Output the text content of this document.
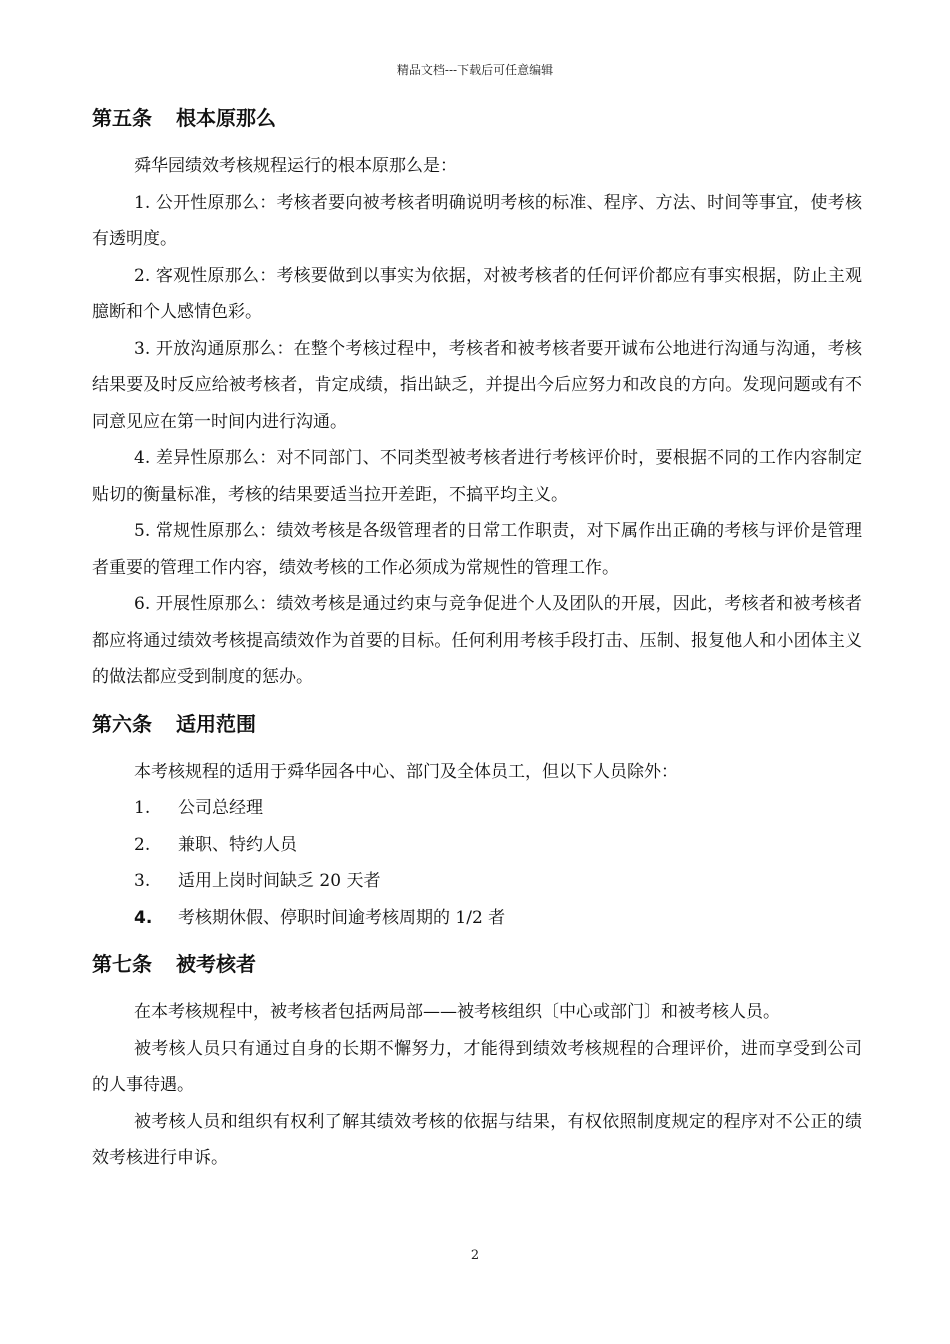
精品文档---下载后可任意编辑
第五条 根本原那么

舜华园绩效考核规程运行的根本原那么是：

1. 公开性原那么：考核者要向被考核者明确说明考核的标准、程序、方法、时间等事宜，使考核有透明度。

2. 客观性原那么：考核要做到以事实为依据，对被考核者的任何评价都应有事实根据，防止主观臆断和个人感情色彩。

3. 开放沟通原那么：在整个考核过程中，考核者和被考核者要开诚布公地进行沟通与沟通，考核结果要及时反应给被考核者，肯定成绩，指出缺乏，并提出今后应努力和改良的方向。发现问题或有不同意见应在第一时间内进行沟通。

4. 差异性原那么：对不同部门、不同类型被考核者进行考核评价时，要根据不同的工作内容制定贴切的衡量标准，考核的结果要适当拉开差距，不搞平均主义。

5. 常规性原那么：绩效考核是各级管理者的日常工作职责，对下属作出正确的考核与评价是管理者重要的管理工作内容，绩效考核的工作必须成为常规性的管理工作。

6. 开展性原那么：绩效考核是通过约束与竞争促进个人及团队的开展，因此，考核者和被考核者都应将通过绩效考核提高绩效作为首要的目标。任何利用考核手段打击、压制、报复他人和小团体主义的做法都应受到制度的惩办。

第六条 适用范围

本考核规程的适用于舜华园各中心、部门及全体员工，但以下人员除外：

1. 公司总经理
2. 兼职、特约人员
3. 适用上岗时间缺乏 20 天者
4. 考核期休假、停职时间逾考核周期的 1/2 者
第七条 被考核者

在本考核规程中，被考核者包括两局部——被考核组织〔中心或部门〕和被考核人员。

被考核人员只有通过自身的长期不懈努力，才能得到绩效考核规程的合理评价，进而享受到公司的人事待遇。

被考核人员和组织有权利了解其绩效考核的依据与结果，有权依照制度规定的程序对不公正的绩效考核进行申诉。

2
